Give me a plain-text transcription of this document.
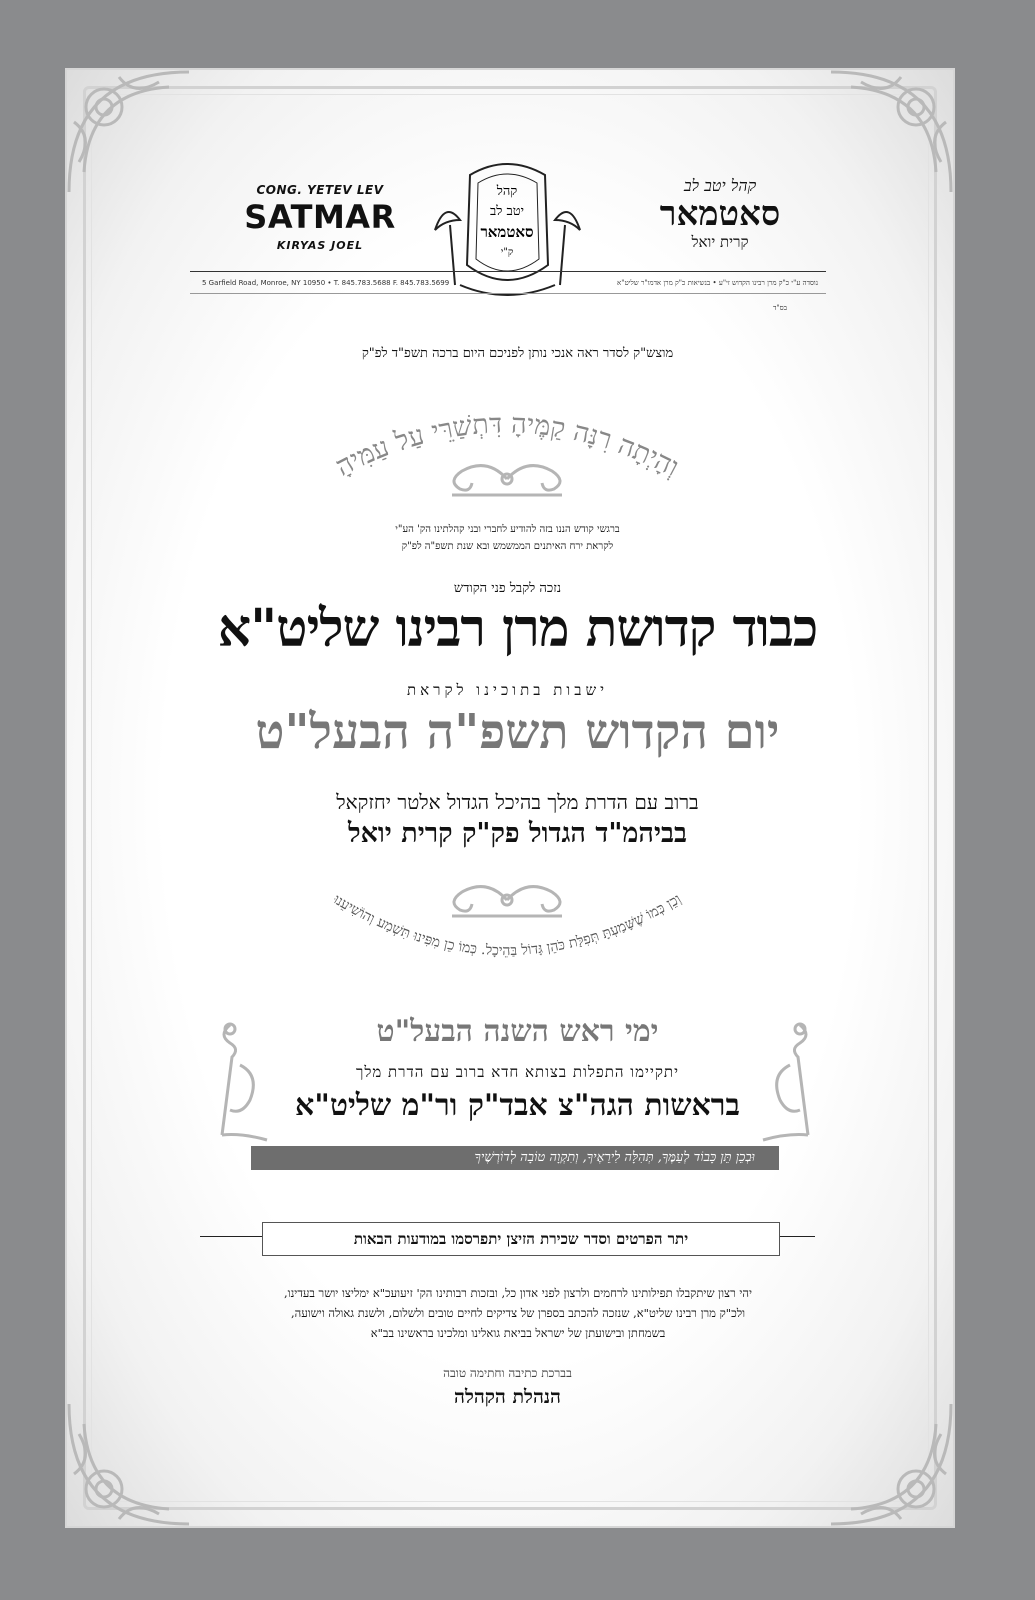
CONG. YETEV LEV
SATMAR
KIRYAS JOEL
קהל יטב לב
סאטמאר
קרית יואל
קהל
יטב לב
סאטמאר
ק"י
5 Garfield Road, Monroe, NY 10950 • T. 845.783.5688 F. 845.783.5699	נוסדה ע"י כ"ק מרן רבינו הקדוש זי"ע • בנשיאות כ"ק מרן אדמו"ר שליט"א
בס"ד
מוצש"ק לסדר ראה אנכי נותן לפניכם היום ברכה תשפ"ד לפ"ק
וְהָיְתָה רִנָּה קַמֶּיהָ דִּתְשַׁרֵּי עַל עַמִּיהָ
וְכֵן כְּמוֹ שֶׁשָּׁמַעְתָּ תְּפִלַּת כֹּהֵן גָּדוֹל בַּהֵיכָל. כְּמוֹ כֵן מִפִּינוּ תִּשְׁמַע וְהוֹשִׁיעֵנוּ
ברגשי קודש הננו בזה להודיע לחברי ובני קהלתינו הק' הע"י
לקראת ירח האיתנים הממשמש ובא שנת תשפ"ה לפ"ק
נזכה לקבל פני הקודש
כבוד קדושת מרן רבינו שליט"א
ישבות בתוכינו לקראת
יום הקדוש תשפ"ה הבעל"ט
ברוב עם הדרת מלך בהיכל הגדול אלטר יחזקאל
בביהמ"ד הגדול פק"ק קרית יואל
ימי ראש השנה הבעל"ט
יתקיימו התפלות בצותא חדא ברוב עם הדרת מלך
בראשות הגה"צ אבד"ק ור"מ שליט"א
וּבְכֵן תֵּן כָּבוֹד לְעַמֶּךָ, תְּהִלָּה לִירֵאֶיךָ, וְתִקְוָה טוֹבָה לְדוֹרְשֶׁיךָ
יתר הפרטים וסדר שכירת הזיצן יתפרסמו במודעות הבאות
יהי רצון שיתקבלו תפילותינו לרחמים ולרצון לפני אדון כל, ובזכות רבותינו הק' זיעועכ"א ימליצו יושר בעדינו,
ולכ"ק מרן רבינו שליט"א, שנזכה להכתב בספרן של צדיקים לחיים טובים ולשלום, ולשנת גאולה וישועה,
בשמחתן ובישועתן של ישראל בביאת גואלינו ומלכינו בראשינו בב"א
בברכת כתיבה וחתימה טובה
הנהלת הקהלה
